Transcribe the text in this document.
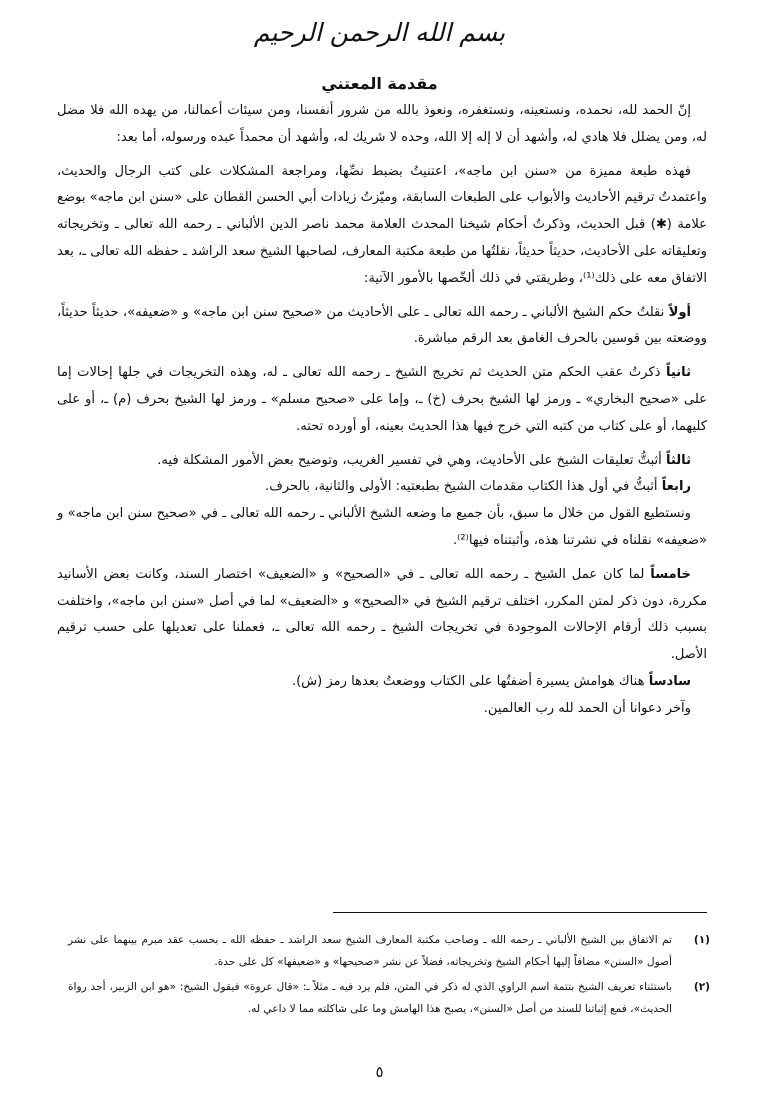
بسم الله الرحمن الرحيم
مقدمة المعتني

إنّ الحمد لله، نحمده، ونستعينه، ونستغفره، ونعوذ بالله من شرور أنفسنا، ومن سيئات أعمالنا، من يهده الله فلا مضل له، ومن يضلل فلا هادي له، وأشهد أن لا إله إلا الله، وحده لا شريك له، وأشهد أن محمداً عبده ورسوله، أما بعد:

فهذه طبعة مميزة من «سنن ابن ماجه»، اعتنيتُ بضبط نصِّها، ومراجعة المشكلات على كتب الرجال والحديث، واعتمدتُ ترقيم الأحاديث والأبواب على الطبعات السابقة، وميّزتُ زيادات أبي الحسن القطان على «سنن ابن ماجه» بوضع علامة (✱) قبل الحديث، وذكرتُ أحكام شيخنا المحدث العلامة محمد ناصر الدين الألباني ـ رحمه الله تعالى ـ وتخريجاته وتعليقاته على الأحاديث، حديثاً حديثاً، نقلتُها من طبعة مكتبة المعارف، لصاحبها الشيخ سعد الراشد ـ حفظه الله تعالى ـ، بعد الاتفاق معه على ذلك⁽¹⁾، وطريقتي في ذلك ألخّصها بالأمور الآتية:

أولاً نقلتُ حكم الشيخ الألباني ـ رحمه الله تعالى ـ على الأحاديث من «صحيح سنن ابن ماجه» و «ضعيفه»، حديثاً حديثاً، ووضعته بين قوسين بالحرف الغامق بعد الرقم مباشرة.

ثانياً ذكرتُ عقب الحكم متن الحديث ثم تخريج الشيخ ـ رحمه الله تعالى ـ له، وهذه التخريجات في جلها إحالات إما على «صحيح البخاري» ـ ورمز لها الشيخ بحرف (خ) ـ، وإما على «صحيح مسلم» ـ ورمز لها الشيخ بحرف (م) ـ، أو على كليهما، أو على كتاب من كتبه التي خرج فيها هذا الحديث بعينه، أو أورده تحته.

ثالثاً أثبتُّ تعليقات الشيخ على الأحاديث، وهي في تفسير الغريب، وتوضيح بعض الأمور المشكلة فيه.

رابعاً أثبتُّ في أول هذا الكتاب مقدمات الشيخ بطبعتيه: الأولى والثانية، بالحرف.

ونستطيع القول من خلال ما سبق، بأن جميع ما وضعه الشيخ الألباني ـ رحمه الله تعالى ـ في «صحيح سنن ابن ماجه» و «ضعيفه» نقلناه في نشرتنا هذه، وأثبتناه فيها⁽²⁾.

خامساً لما كان عمل الشيخ ـ رحمه الله تعالى ـ في «الصحيح» و «الضعيف» اختصار السند، وكانت بعض الأسانيد مكررة، دون ذكر لمتن المكرر، اختلف ترقيم الشيخ في «الصحيح» و «الضعيف» لما في أصل «سنن ابن ماجه»، واختلفت بسبب ذلك أرقام الإحالات الموجودة في تخريجات الشيخ ـ رحمه الله تعالى ـ، فعملنا على تعديلها على حسب ترقيم الأصل.

سادساً هناك هوامش يسيرة أضفتُها على الكتاب ووضعتُ بعدها رمز (ش).

وآخر دعوانا أن الحمد لله رب العالمين.

(١)
تم الاتفاق بين الشيخ الألباني ـ رحمه الله ـ وصاحب مكتبة المعارف الشيخ سعد الراشد ـ حفظه الله ـ بحسب عقد مبرم بينهما على نشر أصول «السنن» مضافاً إليها أحكام الشيخ وتخريجاته، فضلاً عن نشر «صحيحها» و «ضعيفها» كل على حدة.
(٢)
باستثناء تعريف الشيخ بتتمة اسم الراوي الذي له ذكر في المتن، فلم يرد فيه ـ مثلاً ـ: «قال عروة» فيقول الشيخ: «هو ابن الزبير، أحد رواة الحديث»، فمع إثباتنا للسند من أصل «السنن»، يصبح هذا الهامش وما على شاكلته مما لا داعي له.
٥
